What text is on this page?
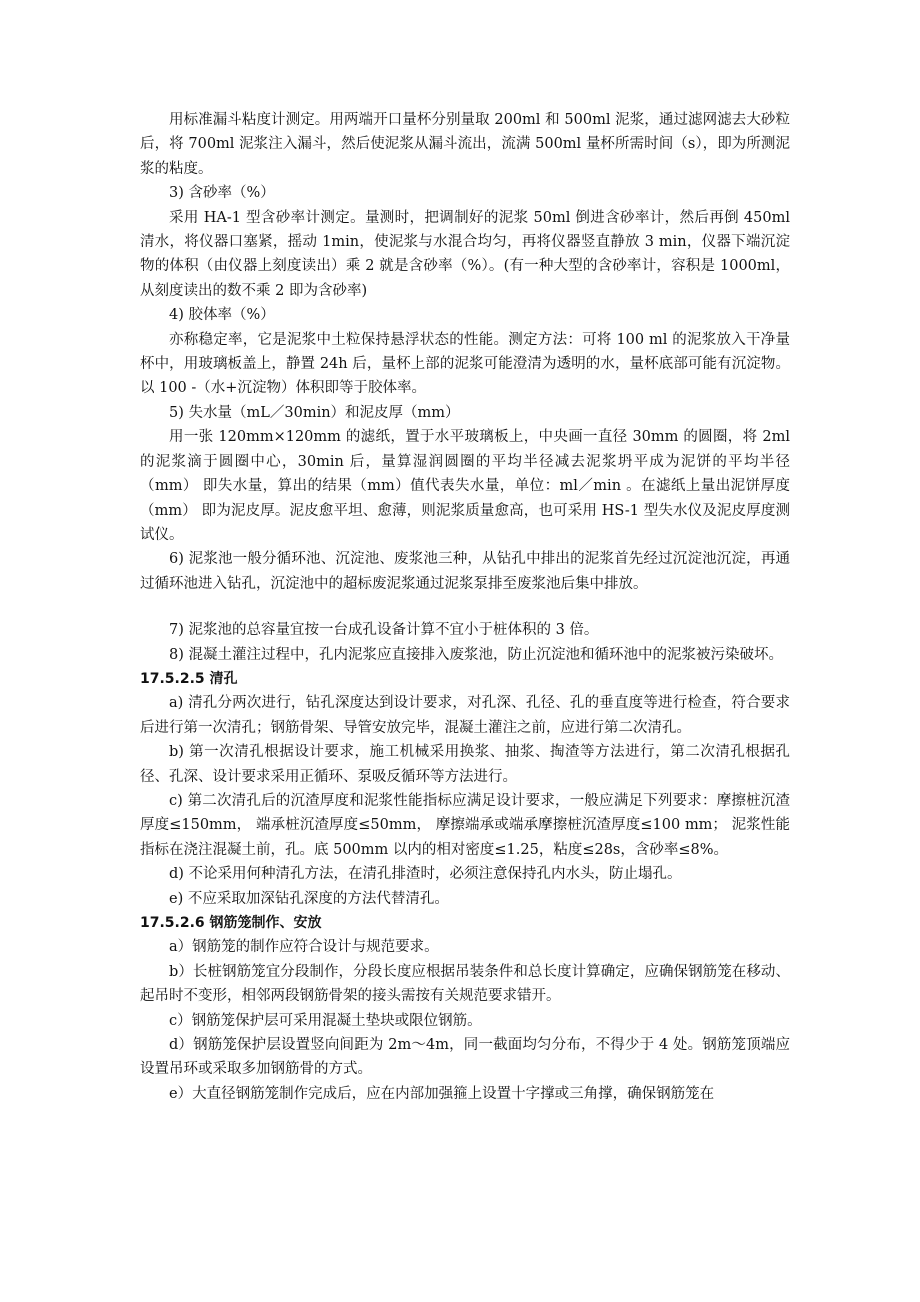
用标准漏斗粘度计测定。用两端开口量杯分别量取 200ml 和 500ml 泥浆，通过滤网滤去大砂粒后，将 700ml 泥浆注入漏斗，然后使泥浆从漏斗流出，流满 500ml 量杯所需时间（s），即为所测泥浆的粘度。

3) 含砂率（%）

采用 HA-1 型含砂率计测定。量测时，把调制好的泥浆 50ml 倒进含砂率计，然后再倒 450ml 清水，将仪器口塞紧，摇动 1min，使泥浆与水混合均匀，再将仪器竖直静放 3 min，仪器下端沉淀物的体积（由仪器上刻度读出）乘 2 就是含砂率（%）。(有一种大型的含砂率计，容积是 1000ml，从刻度读出的数不乘 2 即为含砂率)

4) 胶体率（%）

亦称稳定率，它是泥浆中土粒保持悬浮状态的性能。测定方法：可将 100 ml 的泥浆放入干净量杯中，用玻璃板盖上，静置 24h 后，量杯上部的泥浆可能澄清为透明的水，量杯底部可能有沉淀物。以 100 -（水+沉淀物）体积即等于胶体率。

5) 失水量（mL／30min）和泥皮厚（mm）

用一张 120mm×120mm 的滤纸，置于水平玻璃板上，中央画一直径 30mm 的圆圈，将 2ml 的泥浆滴于圆圈中心，30min 后，量算湿润圆圈的平均半径减去泥浆坍平成为泥饼的平均半径（mm） 即失水量，算出的结果（mm）值代表失水量，单位：ml／min 。在滤纸上量出泥饼厚度（mm） 即为泥皮厚。泥皮愈平坦、愈薄，则泥浆质量愈高，也可采用 HS-1 型失水仪及泥皮厚度测试仪。

6) 泥浆池一般分循环池、沉淀池、废浆池三种，从钻孔中排出的泥浆首先经过沉淀池沉淀，再通过循环池进入钻孔，沉淀池中的超标废泥浆通过泥浆泵排至废浆池后集中排放。

7) 泥浆池的总容量宜按一台成孔设备计算不宜小于桩体积的 3 倍。

8) 混凝土灌注过程中，孔内泥浆应直接排入废浆池，防止沉淀池和循环池中的泥浆被污染破坏。

17.5.2.5 清孔

a) 清孔分两次进行，钻孔深度达到设计要求，对孔深、孔径、孔的垂直度等进行检查，符合要求后进行第一次清孔；钢筋骨架、导管安放完毕，混凝土灌注之前，应进行第二次清孔。

b) 第一次清孔根据设计要求，施工机械采用换浆、抽浆、掏渣等方法进行，第二次清孔根据孔径、孔深、设计要求采用正循环、泵吸反循环等方法进行。

c) 第二次清孔后的沉渣厚度和泥浆性能指标应满足设计要求，一般应满足下列要求：摩擦桩沉渣厚度≤150mm， 端承桩沉渣厚度≤50mm， 摩擦端承或端承摩擦桩沉渣厚度≤100 mm； 泥浆性能指标在浇注混凝土前，孔。底 500mm 以内的相对密度≤1.25，粘度≤28s，含砂率≤8%。

d) 不论采用何种清孔方法，在清孔排渣时，必须注意保持孔内水头，防止塌孔。

e) 不应采取加深钻孔深度的方法代替清孔。

17.5.2.6 钢筋笼制作、安放

a）钢筋笼的制作应符合设计与规范要求。

b）长桩钢筋笼宜分段制作，分段长度应根据吊装条件和总长度计算确定，应确保钢筋笼在移动、起吊时不变形，相邻两段钢筋骨架的接头需按有关规范要求错开。

c）钢筋笼保护层可采用混凝土垫块或限位钢筋。

d）钢筋笼保护层设置竖向间距为 2m～4m，同一截面均匀分布，不得少于 4 处。钢筋笼顶端应设置吊环或采取多加钢筋骨的方式。

e）大直径钢筋笼制作完成后，应在内部加强箍上设置十字撑或三角撑，确保钢筋笼在
